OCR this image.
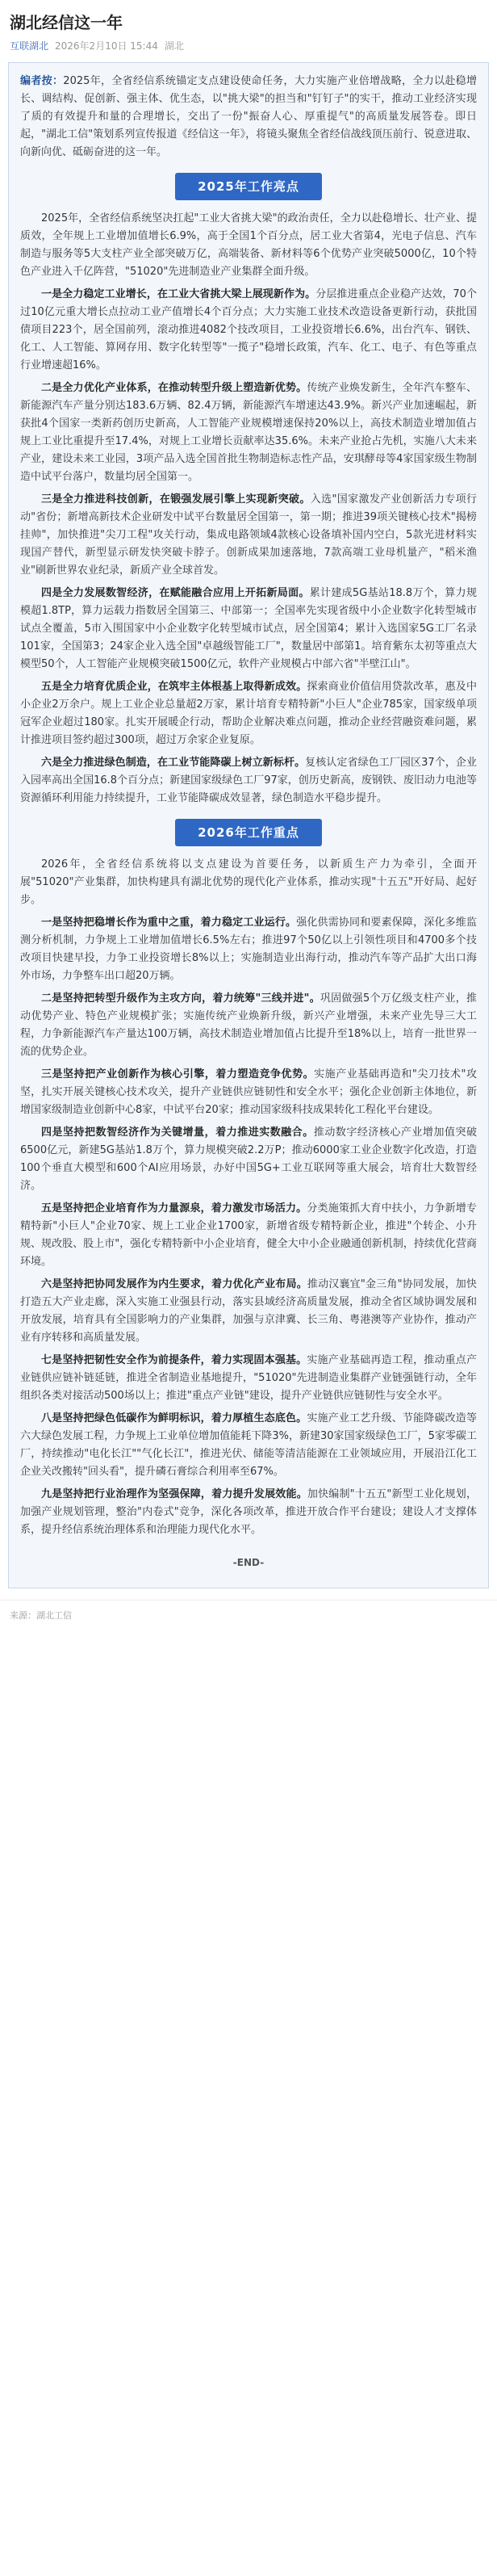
湖北经信这一年
互联湖北 2026年2月10日 15:44 湖北

编者按：2025年，全省经信系统锚定支点建设使命任务，大力实施产业倍增战略，全力以赴稳增长、调结构、促创新、强主体、优生态，以"挑大梁"的担当和"钉钉子"的实干，推动工业经济实现了质的有效提升和量的合理增长，交出了一份"振奋人心、厚重提气"的高质量发展答卷。即日起，"湖北工信"策划系列宣传报道《经信这一年》，将镜头聚焦全省经信战线顶压前行、锐意进取、向新向优、砥砺奋进的这一年。

2025年工作亮点

2025年，全省经信系统坚决扛起"工业大省挑大梁"的政治责任，全力以赴稳增长、壮产业、提质效，全年规上工业增加值增长6.9%，高于全国1个百分点，居工业大省第4，光电子信息、汽车制造与服务等5大支柱产业全部突破万亿，高端装备、新材料等6个优势产业突破5000亿，10个特色产业进入千亿阵营，"51020"先进制造业产业集群全面升级。

一是全力稳定工业增长，在工业大省挑大梁上展现新作为。分层推进重点企业稳产达效，70个过10亿元重大增长点拉动工业产值增长4个百分点；大力实施工业技术改造设备更新行动，获批国债项目223个，居全国前列，滚动推进4082个技改项目，工业投资增长6.6%，出台汽车、钢铁、化工、人工智能、算网存用、数字化转型等"一揽子"稳增长政策，汽车、化工、电子、有色等重点行业增速超16%。

二是全力优化产业体系，在推动转型升级上塑造新优势。传统产业焕发新生，全年汽车整车、新能源汽车产量分别达183.6万辆、82.4万辆，新能源汽车增速达43.9%。新兴产业加速崛起，新获批4个国家一类新药创历史新高，人工智能产业规模增速保持20%以上，高技术制造业增加值占规上工业比重提升至17.4%，对规上工业增长贡献率达35.6%。未来产业抢占先机，实施八大未来产业，建设未来工业园，3项产品入选全国首批生物制造标志性产品，安琪酵母等4家国家级生物制造中试平台落户，数量均居全国第一。

三是全力推进科技创新，在锻强发展引擎上实现新突破。入选"国家激发产业创新活力专项行动"省份；新增高新技术企业研发中试平台数量居全国第一，第一期；推进39项关键核心技术"揭榜挂帅"，加快推进"尖刀工程"攻关行动，集成电路领域4款核心设备填补国内空白，5款光进材料实现国产替代，新型显示研发快突破卡脖子。创新成果加速落地，7款高端工业母机量产，"稻米渔业"刷新世界农业纪录，新质产业全球首发。

四是全力发展数智经济，在赋能融合应用上开拓新局面。累计建成5G基站18.8万个，算力规模超1.8TP，算力运载力指数居全国第三、中部第一；全国率先实现省级中小企业数字化转型城市试点全覆盖，5市入围国家中小企业数字化转型城市试点，居全国第4；累计入选国家5G工厂名录101家，全国第3；24家企业入选全国"卓越级智能工厂"，数量居中部第1。培育紫东太初等重点大模型50个，人工智能产业规模突破1500亿元，软件产业规模占中部六省"半壁江山"。

五是全力培育优质企业，在筑牢主体根基上取得新成效。探索商业价值信用贷款改革，惠及中小企业2万余户。规上工业企业总量超2万家，累计培育专精特新"小巨人"企业785家，国家级单项冠军企业超过180家。扎实开展暖企行动，帮助企业解决难点问题，推动企业经营融资难问题，累计推进项目签约超过300项，超过万余家企业复原。

六是全力推进绿色制造，在工业节能降碳上树立新标杆。复核认定省绿色工厂园区37个，企业入园率高出全国16.8个百分点；新建国家级绿色工厂97家，创历史新高，废钢铁、废旧动力电池等资源循环利用能力持续提升，工业节能降碳成效显著，绿色制造水平稳步提升。

2026年工作重点

2026年，全省经信系统将以支点建设为首要任务，以新质生产力为牵引，全面开展"51020"产业集群，加快构建具有湖北优势的现代化产业体系，推动实现"十五五"开好局、起好步。

一是坚持把稳增长作为重中之重，着力稳定工业运行。强化供需协同和要素保障，深化多维监测分析机制，力争规上工业增加值增长6.5%左右；推进97个50亿以上引领性项目和4700多个技改项目快建早投，力争工业投资增长8%以上；实施制造业出海行动，推动汽车等产品扩大出口海外市场，力争整车出口超20万辆。

二是坚持把转型升级作为主攻方向，着力统筹"三线并进"。巩固做强5个万亿级支柱产业，推动优势产业、特色产业规模扩张；实施传统产业焕新升级，新兴产业增强，未来产业先导三大工程，力争新能源汽车产量达100万辆，高技术制造业增加值占比提升至18%以上，培育一批世界一流的优势企业。

三是坚持把产业创新作为核心引擎，着力塑造竞争优势。实施产业基础再造和"尖刀技术"攻坚，扎实开展关键核心技术攻关，提升产业链供应链韧性和安全水平；强化企业创新主体地位，新增国家级制造业创新中心8家，中试平台20家；推动国家级科技成果转化工程化平台建设。

四是坚持把数智经济作为关键增量，着力推进实数融合。推动数字经济核心产业增加值突破6500亿元，新建5G基站1.8万个，算力规模突破2.2万P；推动6000家工业企业数字化改造，打造100个垂直大模型和600个AI应用场景，办好中国5G+工业互联网等重大展会，培育壮大数智经济。

五是坚持把企业培育作为力量源泉，着力激发市场活力。分类施策抓大育中扶小，力争新增专精特新"小巨人"企业70家、规上工业企业1700家，新增省级专精特新企业，推进"个转企、小升规、规改股、股上市"，强化专精特新中小企业培育，健全大中小企业融通创新机制，持续优化营商环境。

六是坚持把协同发展作为内生要求，着力优化产业布局。推动汉襄宜"金三角"协同发展，加快打造五大产业走廊，深入实施工业强县行动，落实县域经济高质量发展，推动全省区域协调发展和开放发展，培育具有全国影响力的产业集群，加强与京津冀、长三角、粤港澳等产业协作，推动产业有序转移和高质量发展。

七是坚持把韧性安全作为前提条件，着力实现固本强基。实施产业基础再造工程，推动重点产业链供应链补链延链，推进全省制造业基地提升，"51020"先进制造业集群产业链强链行动，全年组织各类对接活动500场以上；推进"重点产业链"建设，提升产业链供应链韧性与安全水平。

八是坚持把绿色低碳作为鲜明标识，着力厚植生态底色。实施产业工艺升级、节能降碳改造等六大绿色发展工程，力争规上工业单位增加值能耗下降3%，新建30家国家级绿色工厂，5家零碳工厂，持续推动"电化长江""气化长江"，推进光伏、储能等清洁能源在工业领域应用，开展沿江化工企业关改搬转"回头看"，提升磷石膏综合利用率至67%。

九是坚持把行业治理作为坚强保障，着力提升发展效能。加快编制"十五五"新型工业化规划，加强产业规划管理，整治"内卷式"竞争，深化各项改革，推进开放合作平台建设；建设人才支撑体系，提升经信系统治理体系和治理能力现代化水平。

-END-
来源：湖北工信
